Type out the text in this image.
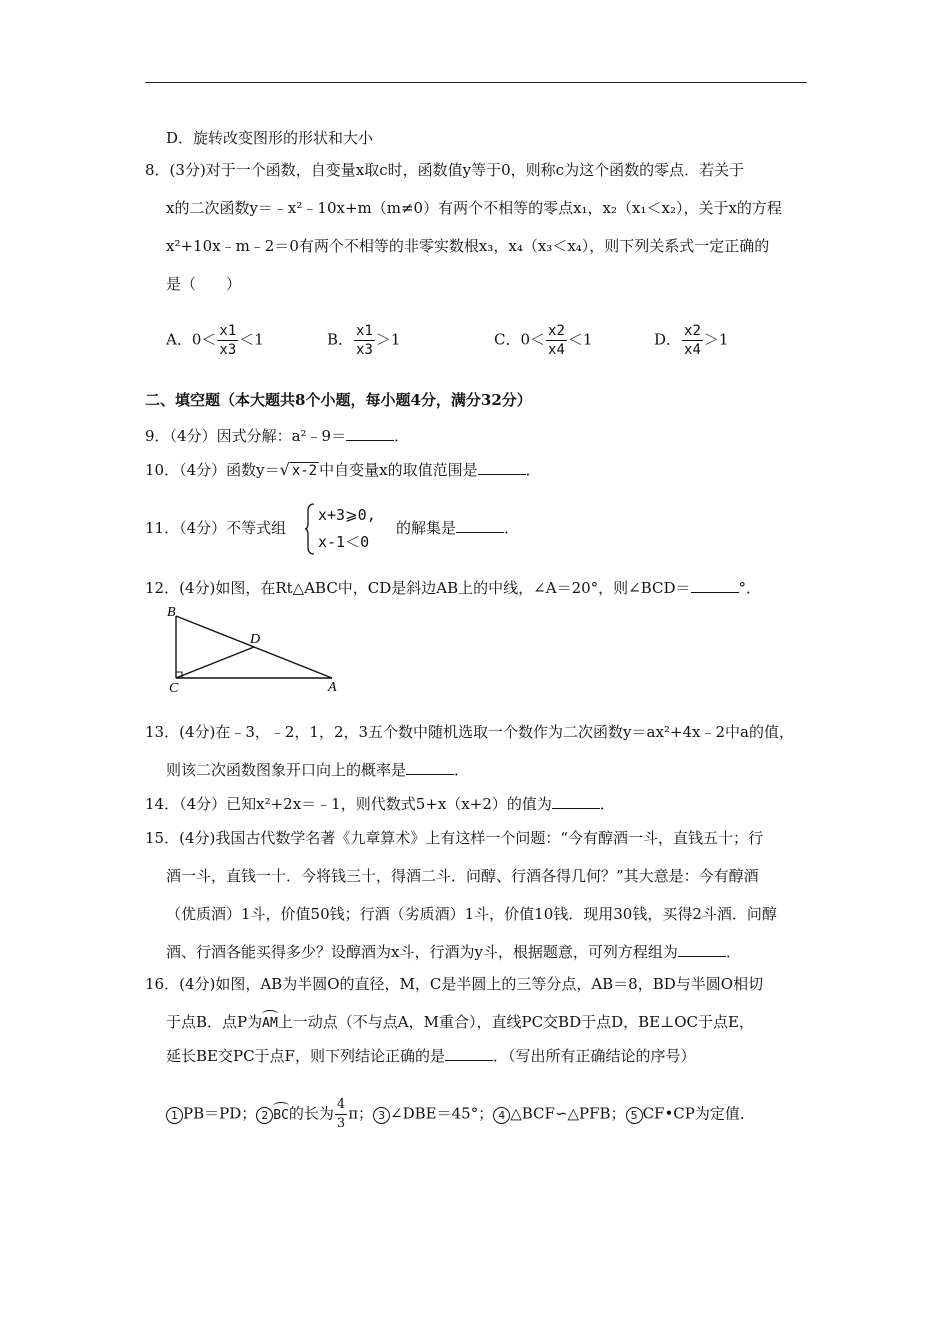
D．旋转改变图形的形状和大小
8．(3分)对于一个函数，自变量x取c时，函数值y等于0，则称c为这个函数的零点．若关于
x的二次函数y＝﹣x²﹣10x+m（m≠0）有两个不相等的零点x₁，x₂（x₁＜x₂），关于x的方程
x²+10x﹣m﹣2＝0有两个不相等的非零实数根x₃，x₄（x₃＜x₄），则下列关系式一定正确的
是（　　）
A．$0< \frac{x1}{x3} <1$	B． $\frac{x1}{x3} >1$	C．$0< \frac{x2}{x4} <1$	D． $\frac{x2}{x4} >1$
二、填空题（本大题共8个小题，每小题4分，满分32分）
9．（4分）因式分解：a²﹣9＝	．
10．（4分）函数y＝√ x-2 中自变量x的取值范围是	．
11．（4分）不等式组
x+3⩾0,
x-1＜0
的解集是	．
12．(4分)如图，在Rt△ABC中，CD是斜边AB上的中线，∠A＝20°，则∠BCD＝	°．
B
C
D
A
13．(4分)在﹣3，﹣2，1，2，3五个数中随机选取一个数作为二次函数y＝ax²+4x﹣2中a的值，
则该二次函数图象开口向上的概率是	．
14．（4分）已知x²+2x＝﹣1，则代数式5+x（x+2）的值为	．
15．(4分)我国古代数学名著《九章算术》上有这样一个问题：“今有醇酒一斗，直钱五十；行
酒一斗，直钱一十．今将钱三十，得酒二斗．问醇、行酒各得几何？”其大意是：今有醇酒
（优质酒）1斗，价值50钱；行酒（劣质酒）1斗，价值10钱．现用30钱，买得2斗酒．问醇
酒、行酒各能买得多少？设醇酒为x斗，行酒为y斗，根据题意，可列方程组为	．
16．(4分)如图，AB为半圆O的直径，M，C是半圆上的三等分点，AB＝8，BD与半圆O相切
于点B．点P为AM上一动点（不与点A，M重合），直线PC交BD于点D，BE⊥OC于点E，
延长BE交PC于点F，则下列结论正确的是	．（写出所有正确结论的序号）
1 PB＝PD； 2 BC的长为 $\frac{4}{3}$ π； 3 ∠DBE＝45°； 4 △BCF∽△PFB； 5 CF•CP为定值．
